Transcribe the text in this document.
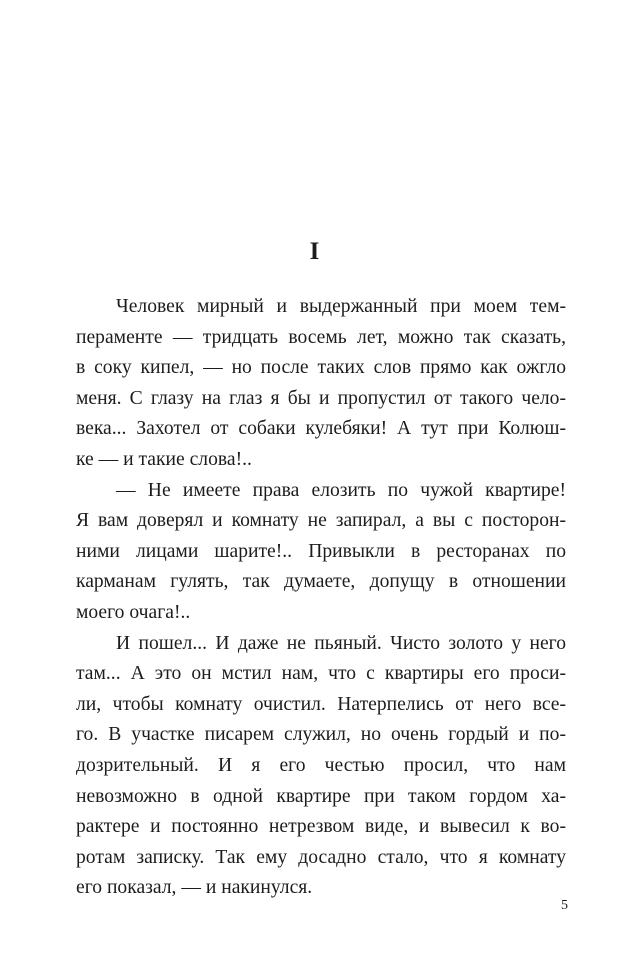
I
Человек мирный и выдержанный при моем тем-
пераменте — тридцать восемь лет, можно так сказать,
в соку кипел, — но после таких слов прямо как ожгло
меня. С глазу на глаз я бы и пропустил от такого чело-
века... Захотел от собаки кулебяки! А тут при Колюш-
ке — и такие слова!..
— Не имеете права елозить по чужой квартире!
Я вам доверял и комнату не запирал, а вы с посторон-
ними лицами шарите!.. Привыкли в ресторанах по
карманам гулять, так думаете, допущу в отношении
моего очага!..
И пошел... И даже не пьяный. Чисто золото у него
там... А это он мстил нам, что с квартиры его проси-
ли, чтобы комнату очистил. Натерпелись от него все-
го. В участке писарем служил, но очень гордый и по-
дозрительный. И я его честью просил, что нам
невозможно в одной квартире при таком гордом ха-
рактере и постоянно нетрезвом виде, и вывесил к во-
ротам записку. Так ему досадно стало, что я комнату
его показал, — и накинулся.
5
